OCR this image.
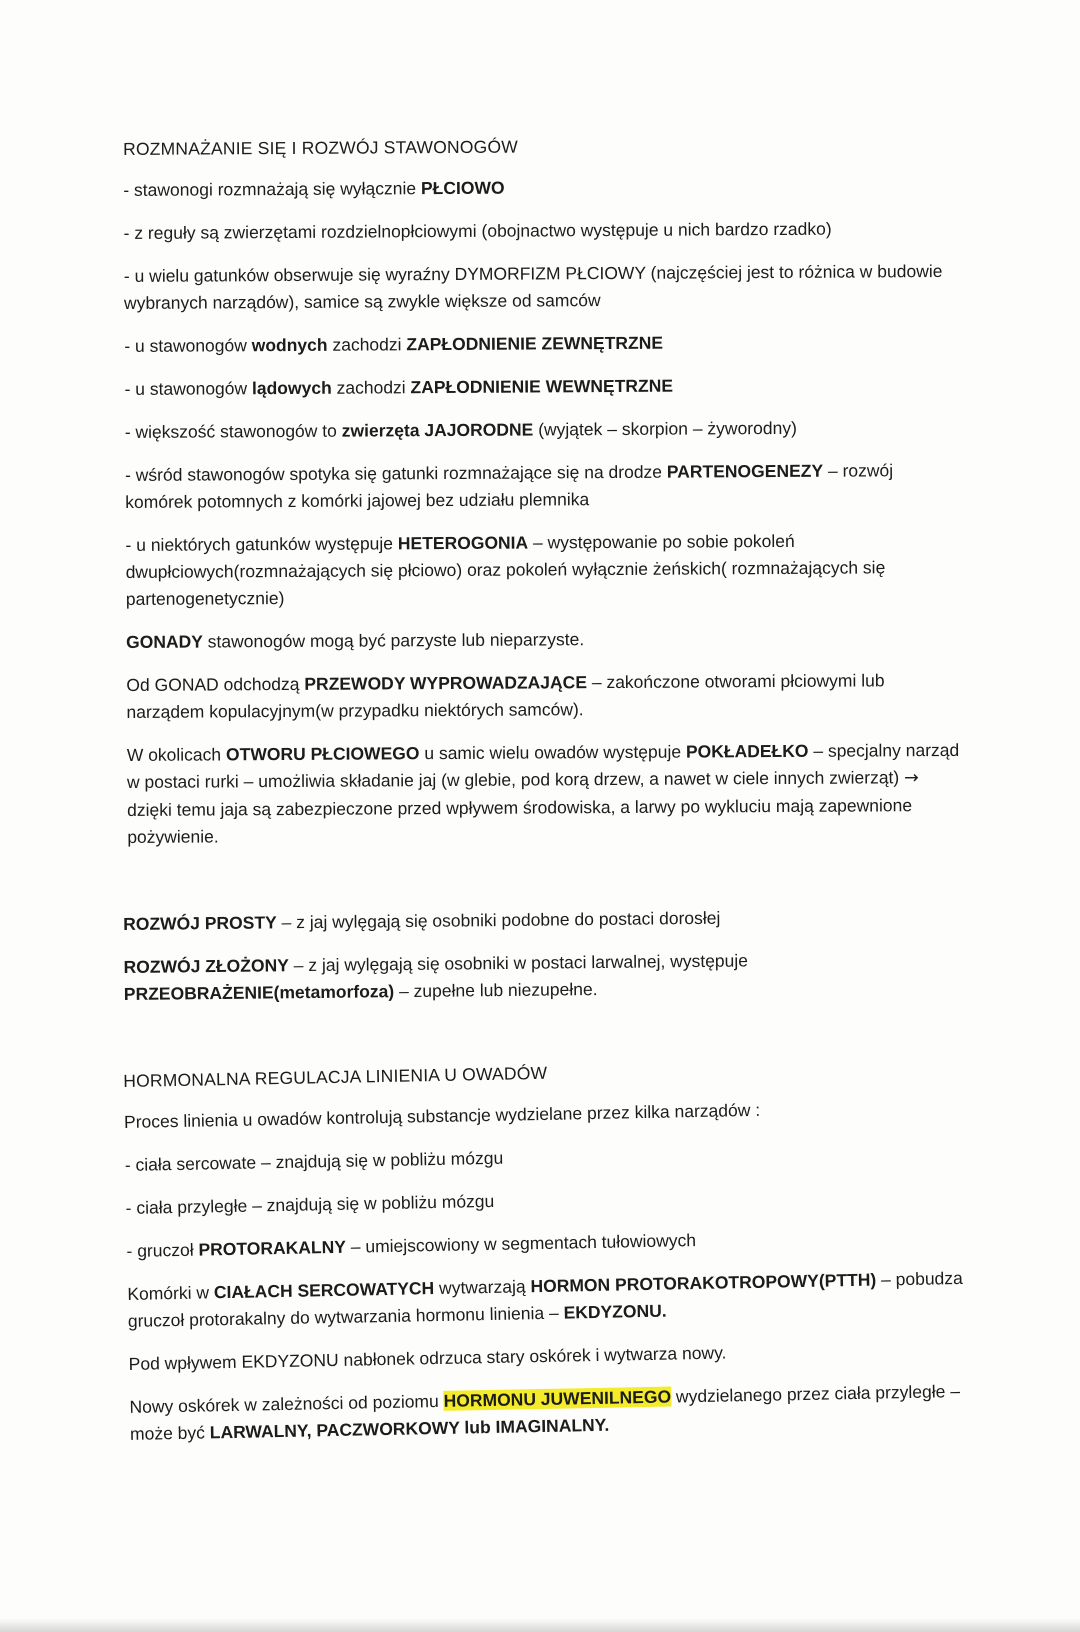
ROZMNAŻANIE SIĘ I ROZWÓJ STAWONOGÓW

- stawonogi rozmnażają się wyłącznie PŁCIOWO

- z reguły są zwierzętami rozdzielnopłciowymi (obojnactwo występuje u nich bardzo rzadko)

- u wielu gatunków obserwuje się wyraźny DYMORFIZM PŁCIOWY (najczęściej jest to różnica w budowie wybranych narządów), samice są zwykle większe od samców

- u stawonogów wodnych zachodzi ZAPŁODNIENIE ZEWNĘTRZNE

- u stawonogów lądowych zachodzi ZAPŁODNIENIE WEWNĘTRZNE

- większość stawonogów to zwierzęta JAJORODNE (wyjątek – skorpion – żyworodny)

- wśród stawonogów spotyka się gatunki rozmnażające się na drodze PARTENOGENEZY – rozwój komórek potomnych z komórki jajowej bez udziału plemnika

- u niektórych gatunków występuje HETEROGONIA – występowanie po sobie pokoleń dwupłciowych(rozmnażających się płciowo) oraz pokoleń wyłącznie żeńskich( rozmnażających się partenogenetycznie)

GONADY stawonogów mogą być parzyste lub nieparzyste.

Od GONAD odchodzą PRZEWODY WYPROWADZAJĄCE – zakończone otworami płciowymi lub narządem kopulacyjnym(w przypadku niektórych samców).

W okolicach OTWORU PŁCIOWEGO u samic wielu owadów występuje POKŁADEŁKO – specjalny narząd w postaci rurki – umożliwia składanie jaj (w glebie, pod korą drzew, a nawet w ciele innych zwierząt) → dzięki temu jaja są zabezpieczone przed wpływem środowiska, a larwy po wykluciu mają zapewnione pożywienie.

ROZWÓJ PROSTY – z jaj wylęgają się osobniki podobne do postaci dorosłej

ROZWÓJ ZŁOŻONY – z jaj wylęgają się osobniki w postaci larwalnej, występuje PRZEOBRAŻENIE(metamorfoza) – zupełne lub niezupełne.

HORMONALNA REGULACJA LINIENIA U OWADÓW

Proces linienia u owadów kontrolują substancje wydzielane przez kilka narządów :

- ciała sercowate – znajdują się w pobliżu mózgu

- ciała przyległe – znajdują się w pobliżu mózgu

- gruczoł PROTORAKALNY – umiejscowiony w segmentach tułowiowych

Komórki w CIAŁACH SERCOWATYCH wytwarzają HORMON PROTORAKOTROPOWY(PTTH) – pobudza gruczoł protorakalny do wytwarzania hormonu linienia – EKDYZONU.

Pod wpływem EKDYZONU nabłonek odrzuca stary oskórek i wytwarza nowy.

Nowy oskórek w zależności od poziomu HORMONU JUWENILNEGO wydzielanego przez ciała przyległe – może być LARWALNY, PACZWORKOWY lub IMAGINALNY.
